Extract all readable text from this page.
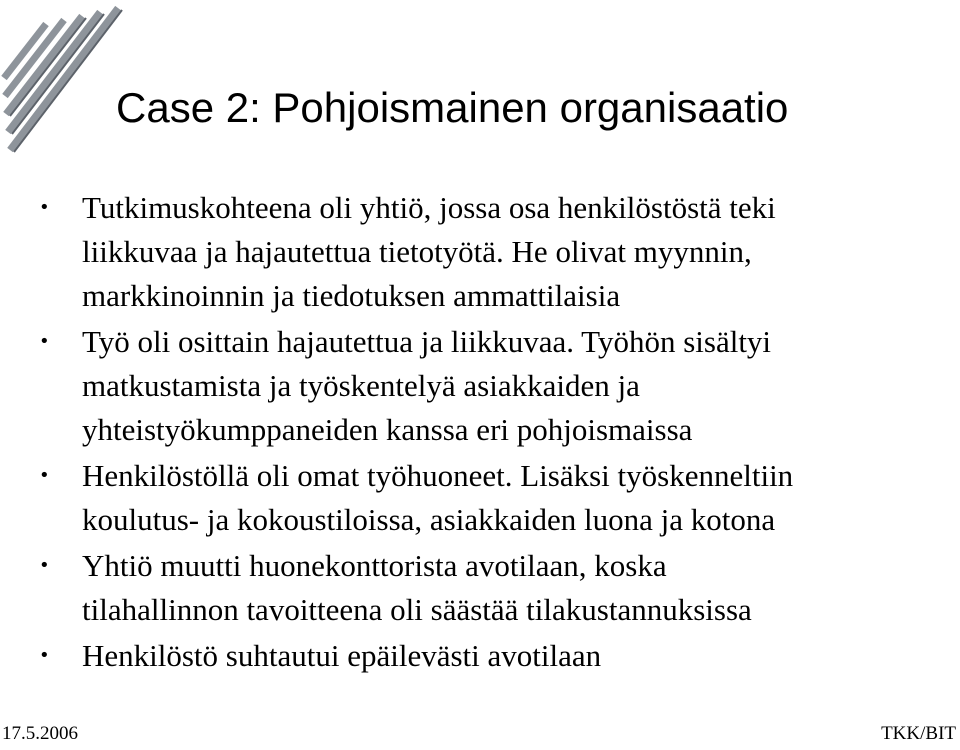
Case 2: Pohjoismainen organisaatio
• Tutkimuskohteena oli yhtiö, jossa osa henkilöstöstä teki
liikkuvaa ja hajautettua tietotyötä. He olivat myynnin,
markkinoinnin ja tiedotuksen ammattilaisia
• Työ oli osittain hajautettua ja liikkuvaa. Työhön sisältyi
matkustamista ja työskentelyä asiakkaiden ja
yhteistyökumppaneiden kanssa eri pohjoismaissa
• Henkilöstöllä oli omat työhuoneet. Lisäksi työskenneltiin
koulutus- ja kokoustiloissa, asiakkaiden luona ja kotona
• Yhtiö muutti huonekonttorista avotilaan, koska
tilahallinnon tavoitteena oli säästää tilakustannuksissa
• Henkilöstö suhtautui epäilevästi avotilaan
17.5.2006	TKK/BIT
